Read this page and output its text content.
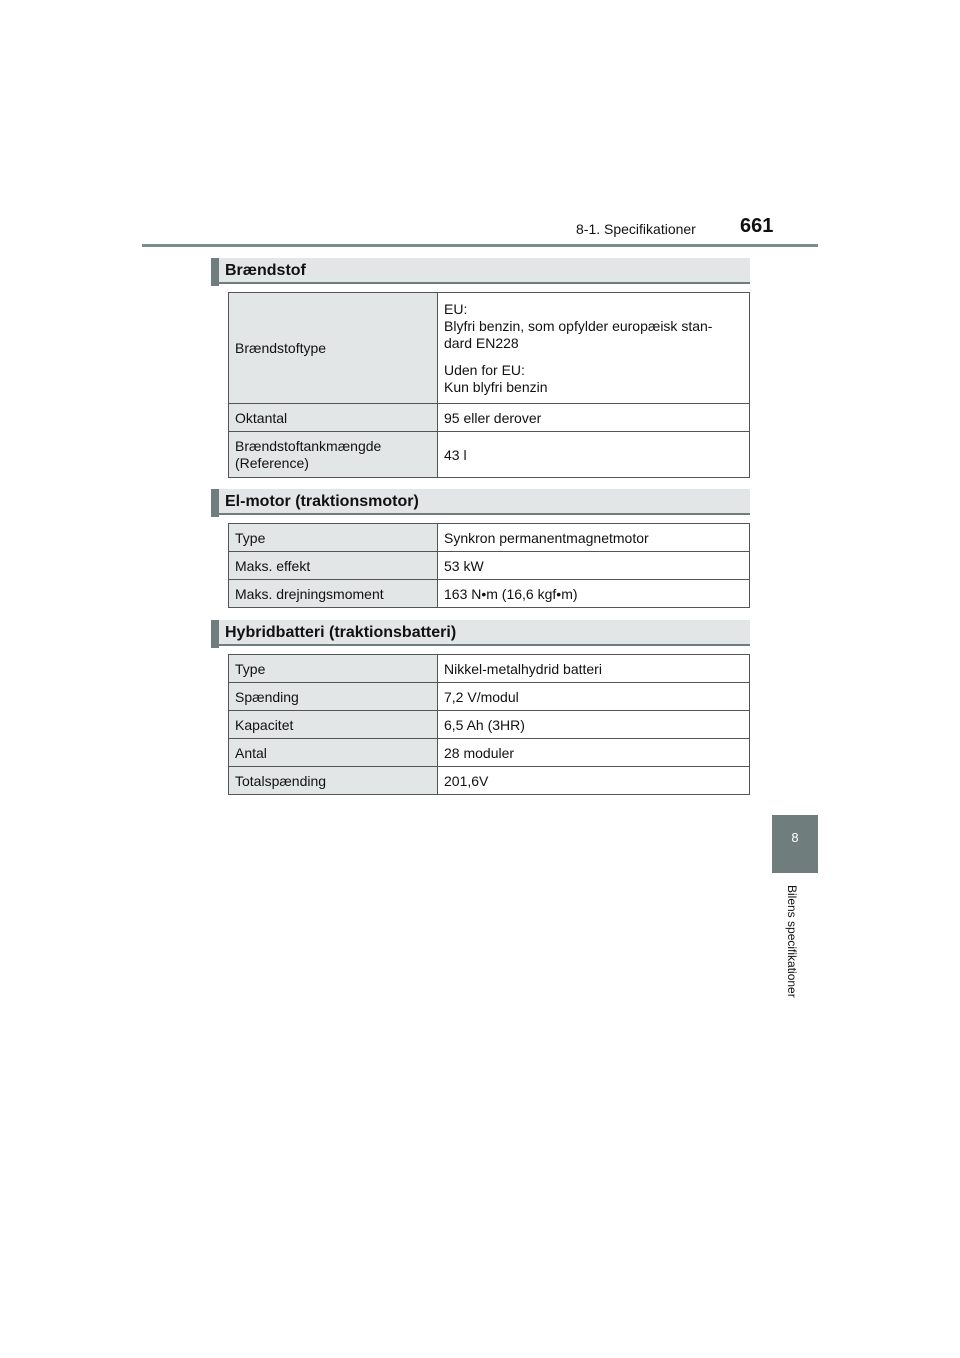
8-1. Specifikationer 661
8
Bilens specifikationer
Brændstof
Brændstoftype	EU:

Blyfri benzin, som opfylder europæisk stan-

dard EN228

Uden for EU:

Kun blyfri benzin

Oktantal	95 eller derover

Brændstoftankmængde

(Reference)	43 l
El-motor (traktionsmotor)
Type	Synkron permanentmagnetmotor
Maks. effekt	53 kW
Maks. drejningsmoment	163 N•m (16,6 kgf•m)
Hybridbatteri (traktionsbatteri)
Type	Nikkel-metalhydrid batteri
Spænding	7,2 V/modul
Kapacitet	6,5 Ah (3HR)
Antal	28 moduler
Totalspænding	201,6V
